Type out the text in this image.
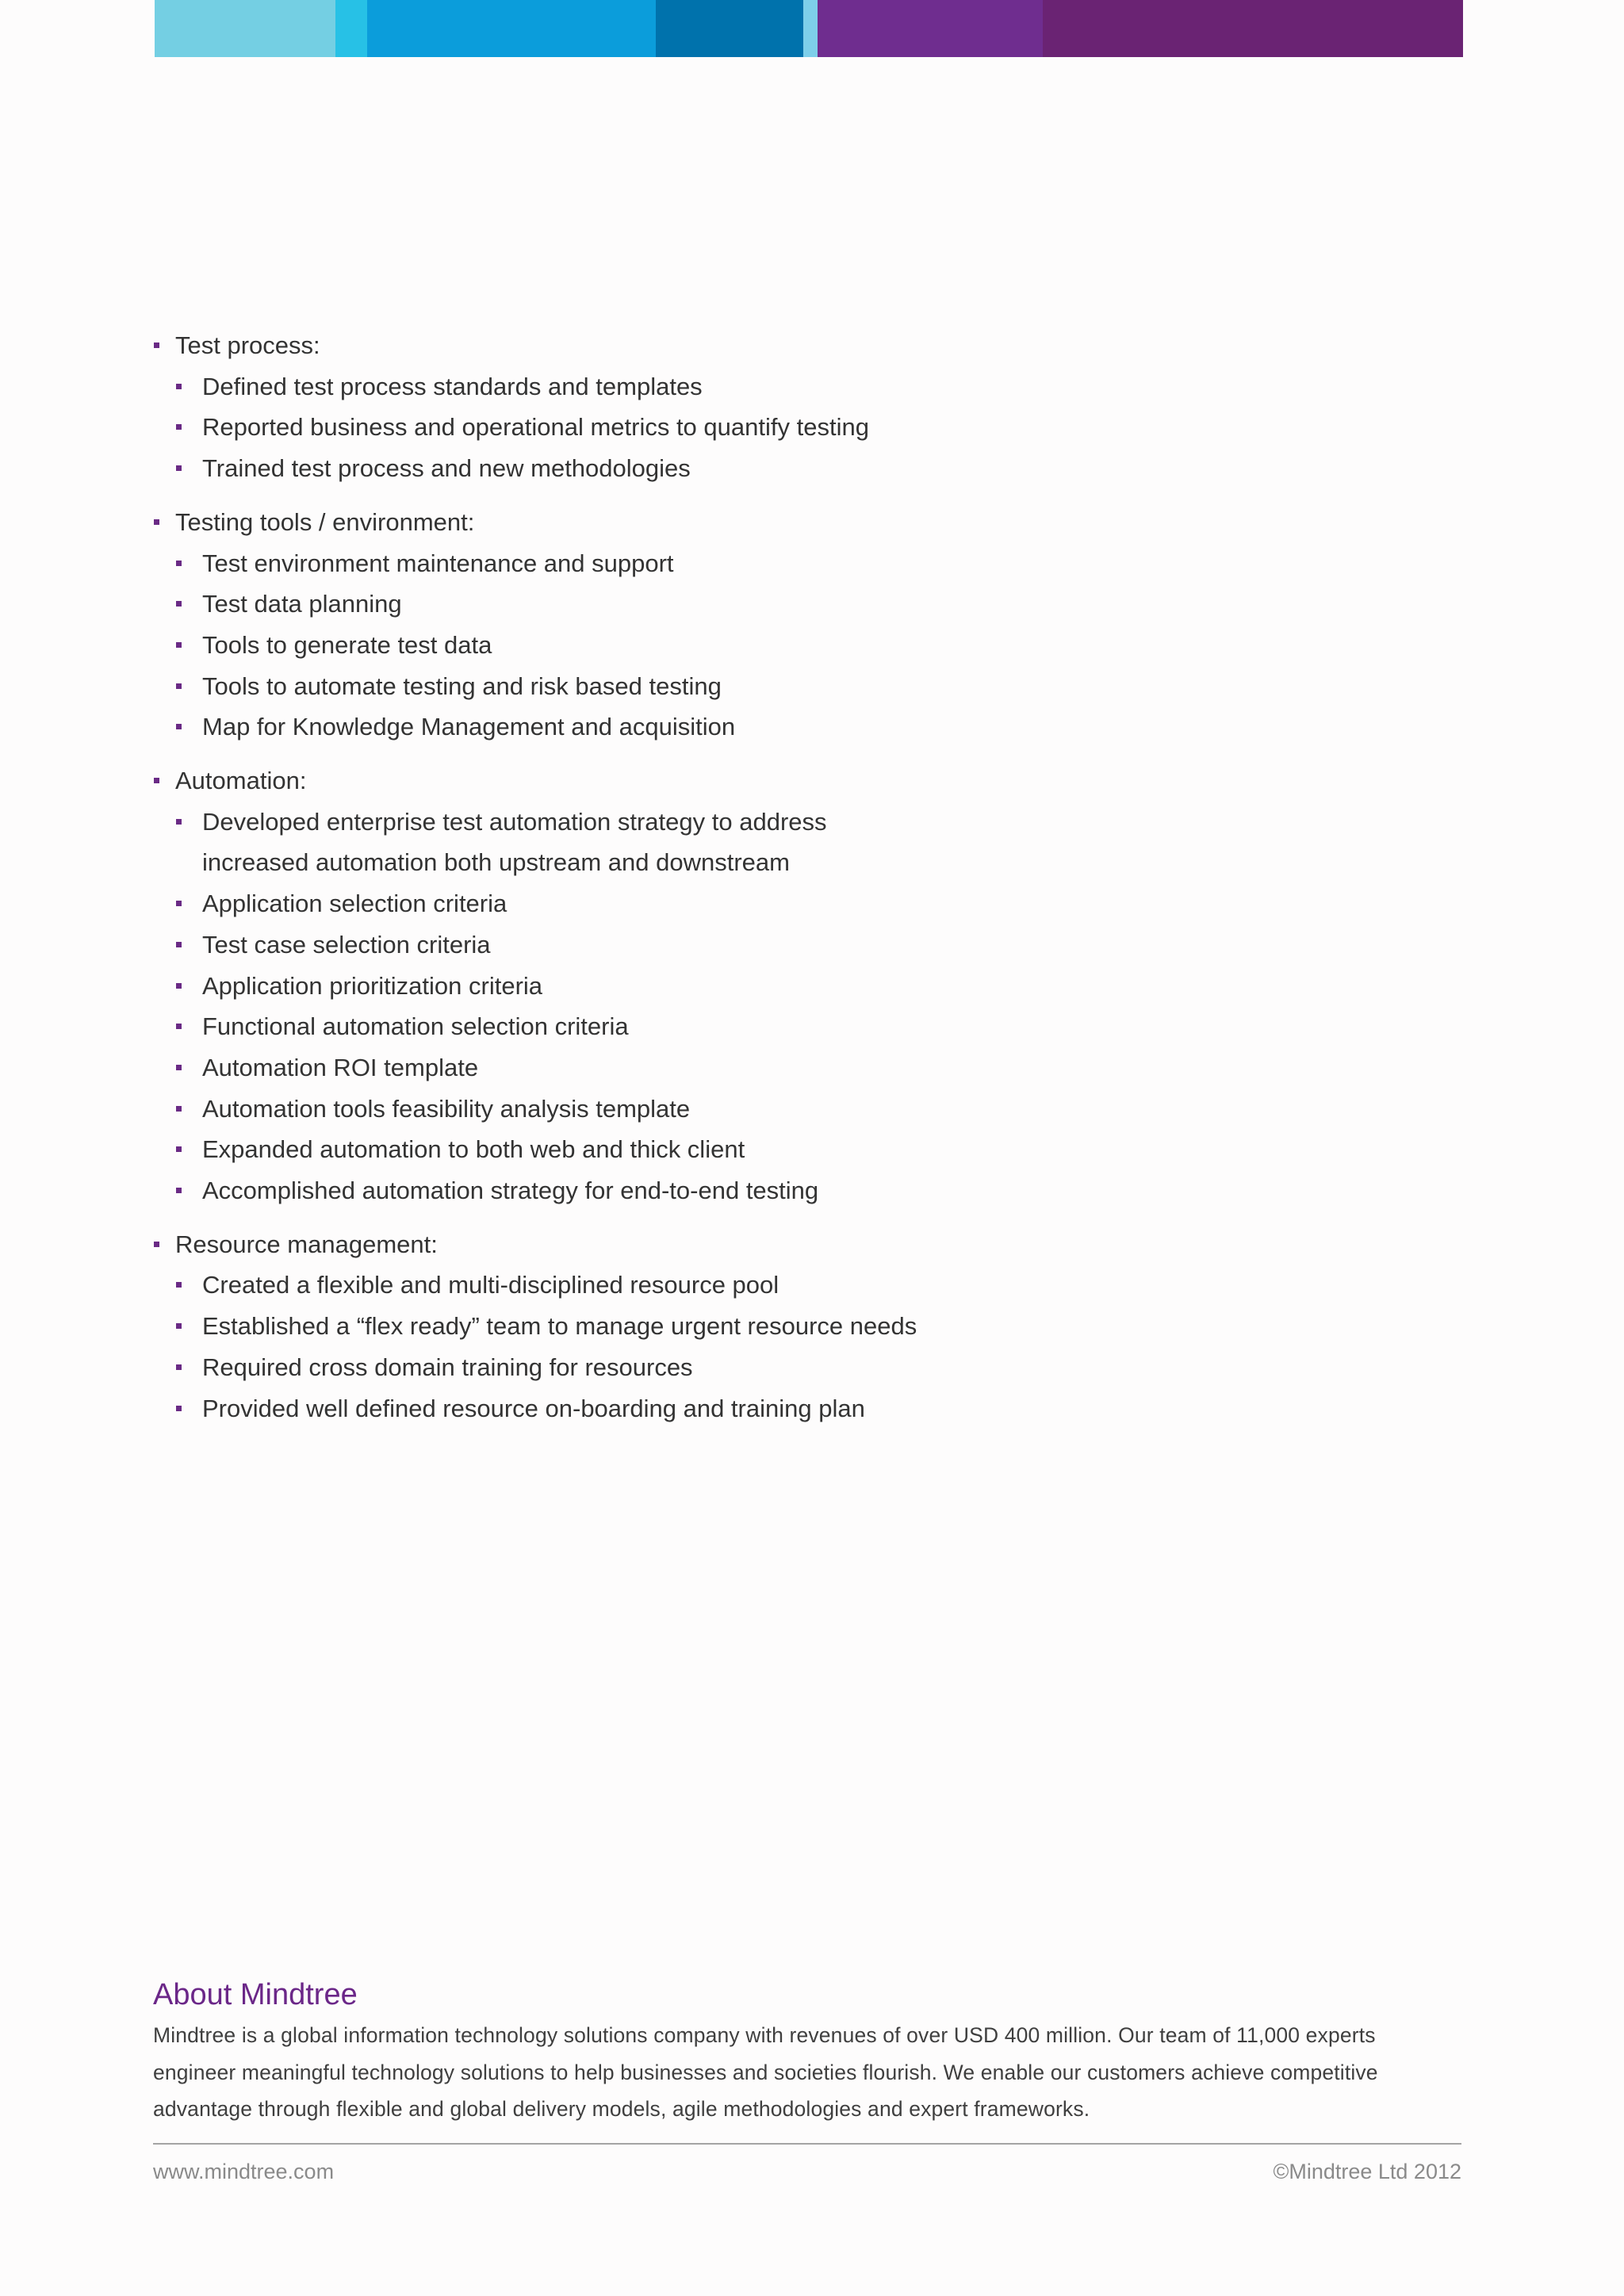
Test process:
Defined test process standards and templates
Reported business and operational metrics to quantify testing
Trained test process and new methodologies
Testing tools / environment:
Test environment maintenance and support
Test data planning
Tools to generate test data
Tools to automate testing and risk based testing
Map for Knowledge Management and acquisition
Automation:
Developed enterprise test automation strategy to address
increased automation both upstream and downstream
Application selection criteria
Test case selection criteria
Application prioritization criteria
Functional automation selection criteria
Automation ROI template
Automation tools feasibility analysis template
Expanded automation to both web and thick client
Accomplished automation strategy for end-to-end testing
Resource management:
Created a flexible and multi-disciplined resource pool
Established a “flex ready” team to manage urgent resource needs
Required cross domain training for resources
Provided well defined resource on-boarding and training plan
About Mindtree

Mindtree is a global information technology solutions company with revenues of over USD 400 million. Our team of 11,000 experts
engineer meaningful technology solutions to help businesses and societies flourish. We enable our customers achieve competitive
advantage through flexible and global delivery models, agile methodologies and expert frameworks.

www.mindtree.com	©Mindtree Ltd 2012
